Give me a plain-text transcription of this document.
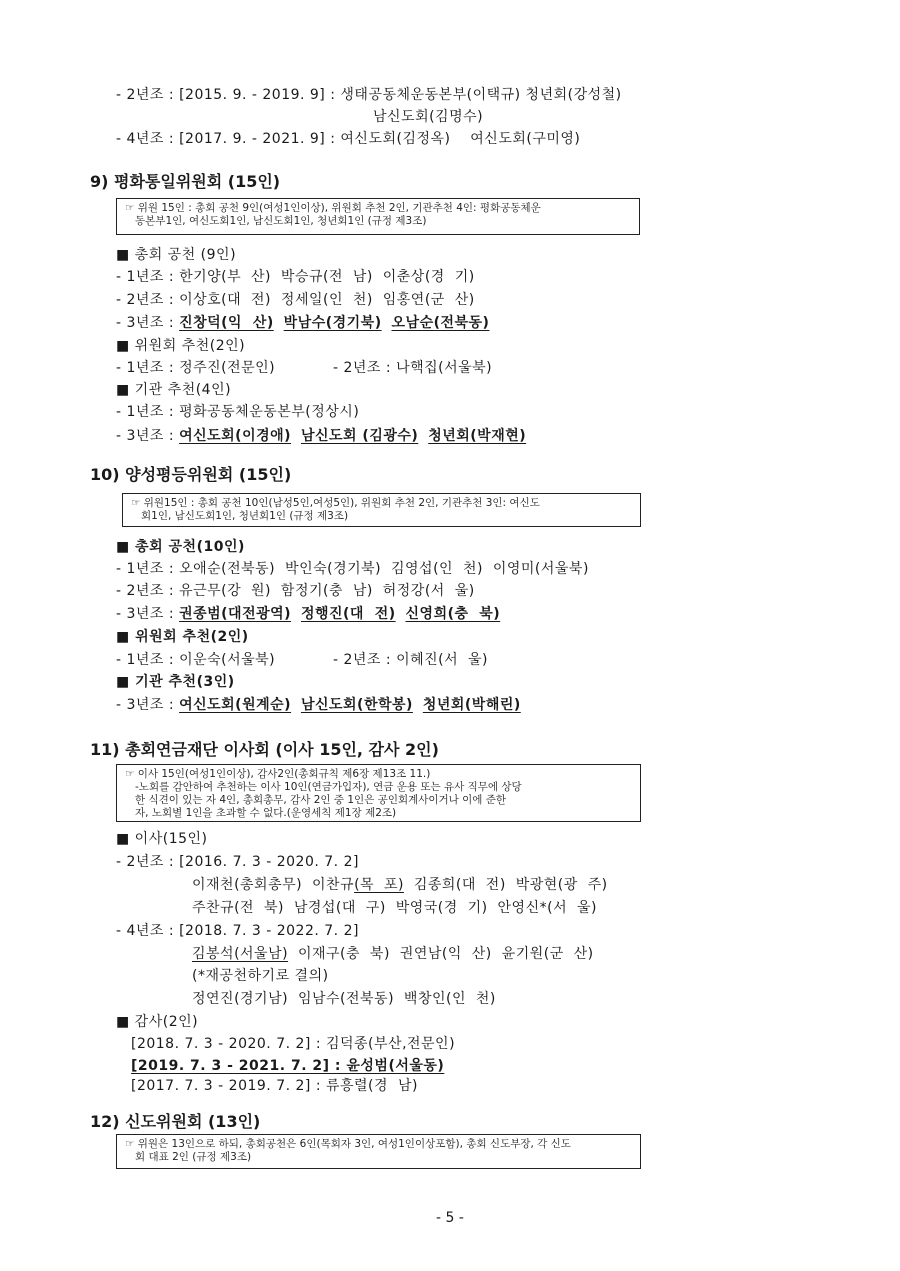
- 2년조 : [2015. 9. - 2019. 9] : 생태공동체운동본부(이택규) 청년회(강성철)
남신도회(김명수)
- 4년조 : [2017. 9. - 2021. 9] : 여신도회(김정옥)    여신도회(구미영)
9) 평화통일위원회 (15인)
☞ 위원 15인 : 총회 공천 9인(여성1인이상), 위원회 추천 2인, 기관추천 4인: 평화공동체운
동본부1인, 여신도회1인, 남신도회1인, 청년회1인 (규정 제3조)
■ 총회 공천 (9인)
- 1년조 : 한기양(부  산)  박승규(전  남)  이춘상(경  기)
- 2년조 : 이상호(대  전)  정세일(인  천)  임홍연(군  산)
- 3년조 : 진창덕(익  산) 박남수(경기북) 오남순(전북동)
■ 위원회 추천(2인)
- 1년조 : 정주진(전문인)	- 2년조 : 나핵집(서울북)
■ 기관 추천(4인)
- 1년조 : 평화공동체운동본부(정상시)
- 3년조 : 여신도회(이경애) 남신도회 (김광수) 청년회(박재현)
10) 양성평등위원회 (15인)
☞ 위원15인 : 총회 공천 10인(남성5인,여성5인), 위원회 추천 2인, 기관추천 3인: 여신도
회1인, 남신도회1인, 청년회1인 (규정 제3조)
■ 총회 공천(10인)
- 1년조 : 오애순(전북동)  박인숙(경기북)  김영섭(인  천)  이영미(서울북)
- 2년조 : 유근무(강  원)  함정기(충  남)  허정강(서  울)
- 3년조 : 권종범(대전광역) 정행진(대  전) 신영희(충  북)
■ 위원회 추천(2인)
- 1년조 : 이운숙(서울북)	- 2년조 : 이혜진(서  울)
■ 기관 추천(3인)
- 3년조 : 여신도회(원계순) 남신도회(한학봉) 청년회(박해린)
11) 총회연금재단 이사회 (이사 15인, 감사 2인)
☞ 이사 15인(여성1인이상), 감사2인(총회규칙 제6장 제13조 11.)
-노회를 감안하여 추천하는 이사 10인(연금가입자), 연금 운용 또는 유사 직무에 상당
한 식견이 있는 자 4인, 총회총무, 감사 2인 중 1인은 공인회계사이거나 이에 준한
자, 노회별 1인을 초과할 수 없다.(운영세칙 제1장 제2조)
■ 이사(15인)
- 2년조 : [2016. 7. 3 - 2020. 7. 2]
이재천(총회총무)  이찬규(목  포)  김종희(대  전)  박광현(광  주)
주찬규(전  북)  남경섭(대  구)  박영국(경  기)  안영신*(서  울)
- 4년조 : [2018. 7. 3 - 2022. 7. 2]
김봉석(서울남)  이재구(충  북)  권연남(익  산)  윤기원(군  산)
(*재공천하기로 결의)
정연진(경기남)  임남수(전북동)  백창인(인  천)
■ 감사(2인)
[2018. 7. 3 - 2020. 7. 2] : 김덕종(부산,전문인)
[2019. 7. 3 - 2021. 7. 2] : 윤성범(서울동)
[2017. 7. 3 - 2019. 7. 2] : 류흥렬(경  남)
12) 신도위원회 (13인)
☞ 위원은 13인으로 하되, 총회공천은 6인(목회자 3인, 여성1인이상포함), 총회 신도부장, 각 신도
회 대표 2인 (규정 제3조)
- 5 -
